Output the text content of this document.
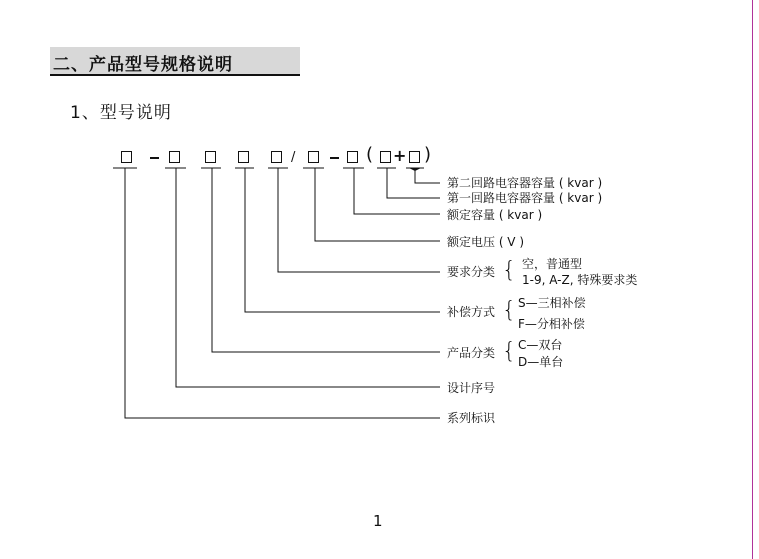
二、产品型号规格说明
1、型号说明
/	( + )
第二回路电容器容量 ( kvar )
第一回路电容器容量 ( kvar )
额定容量 ( kvar )
额定电压 ( V )
要求分类 { 空，普通型
1-9, A-Z, 特殊要求类
补偿方式 { S—三相补偿
F—分相补偿
产品分类 { C—双台
D—单台
设计序号
系列标识
1
